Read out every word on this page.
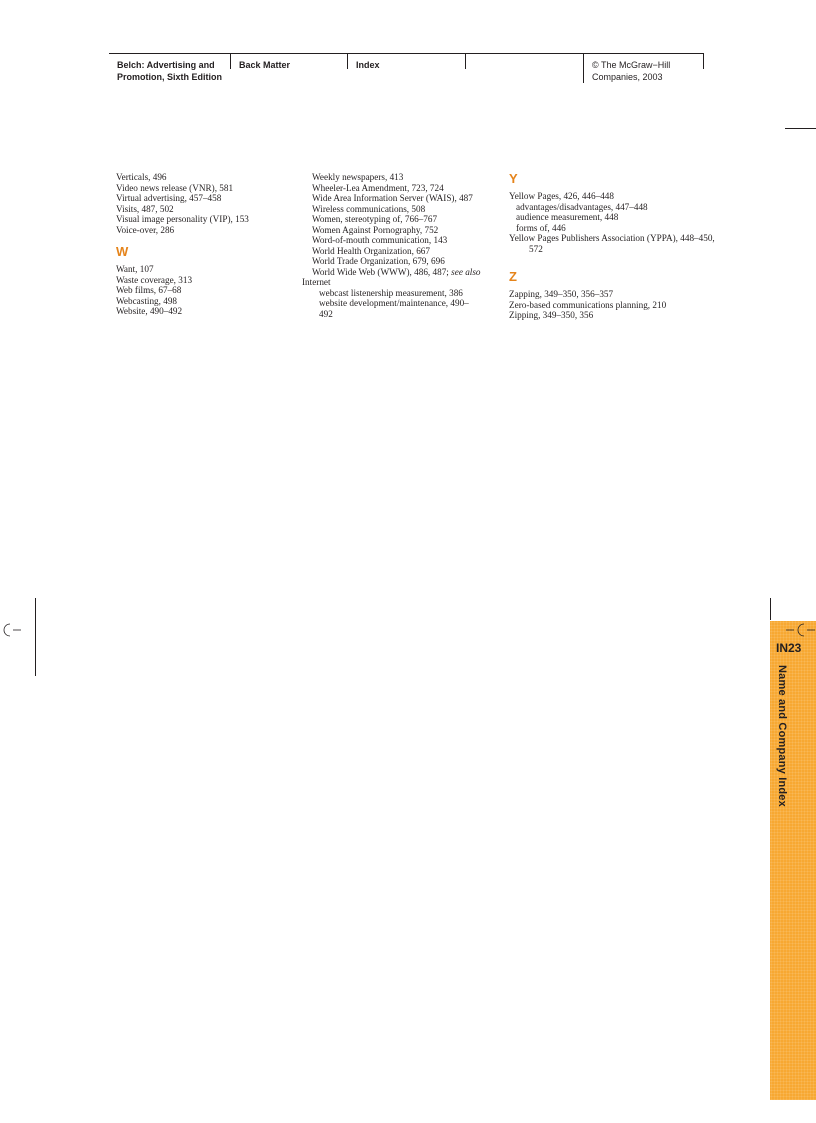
Belch: Advertising and
Promotion, Sixth Edition
Back Matter	Index	© The McGraw−Hill
Companies, 2003

Verticals, 496

Video news release (VNR), 581

Virtual advertising, 457–458

Visits, 487, 502

Visual image personality (VIP), 153

Voice-over, 286

W

Want, 107

Waste coverage, 313

Web films, 67–68

Webcasting, 498

Website, 490–492

Weekly newspapers, 413

Wheeler-Lea Amendment, 723, 724

Wide Area Information Server (WAIS), 487

Wireless communications, 508

Women, stereotyping of, 766–767

Women Against Pornography, 752

Word-of-mouth communication, 143

World Health Organization, 667

World Trade Organization, 679, 696

World Wide Web (WWW), 486, 487; see also

Internet

webcast listenership measurement, 386

website development/maintenance, 490–492

Y

Yellow Pages, 426, 446–448

advantages/disadvantages, 447–448

audience measurement, 448

forms of, 446

Yellow Pages Publishers Association (YPPA), 448–450, 572

Z

Zapping, 349–350, 356–357

Zero-based communications planning, 210

Zipping, 349–350, 356

IN23
Name and Company Index
